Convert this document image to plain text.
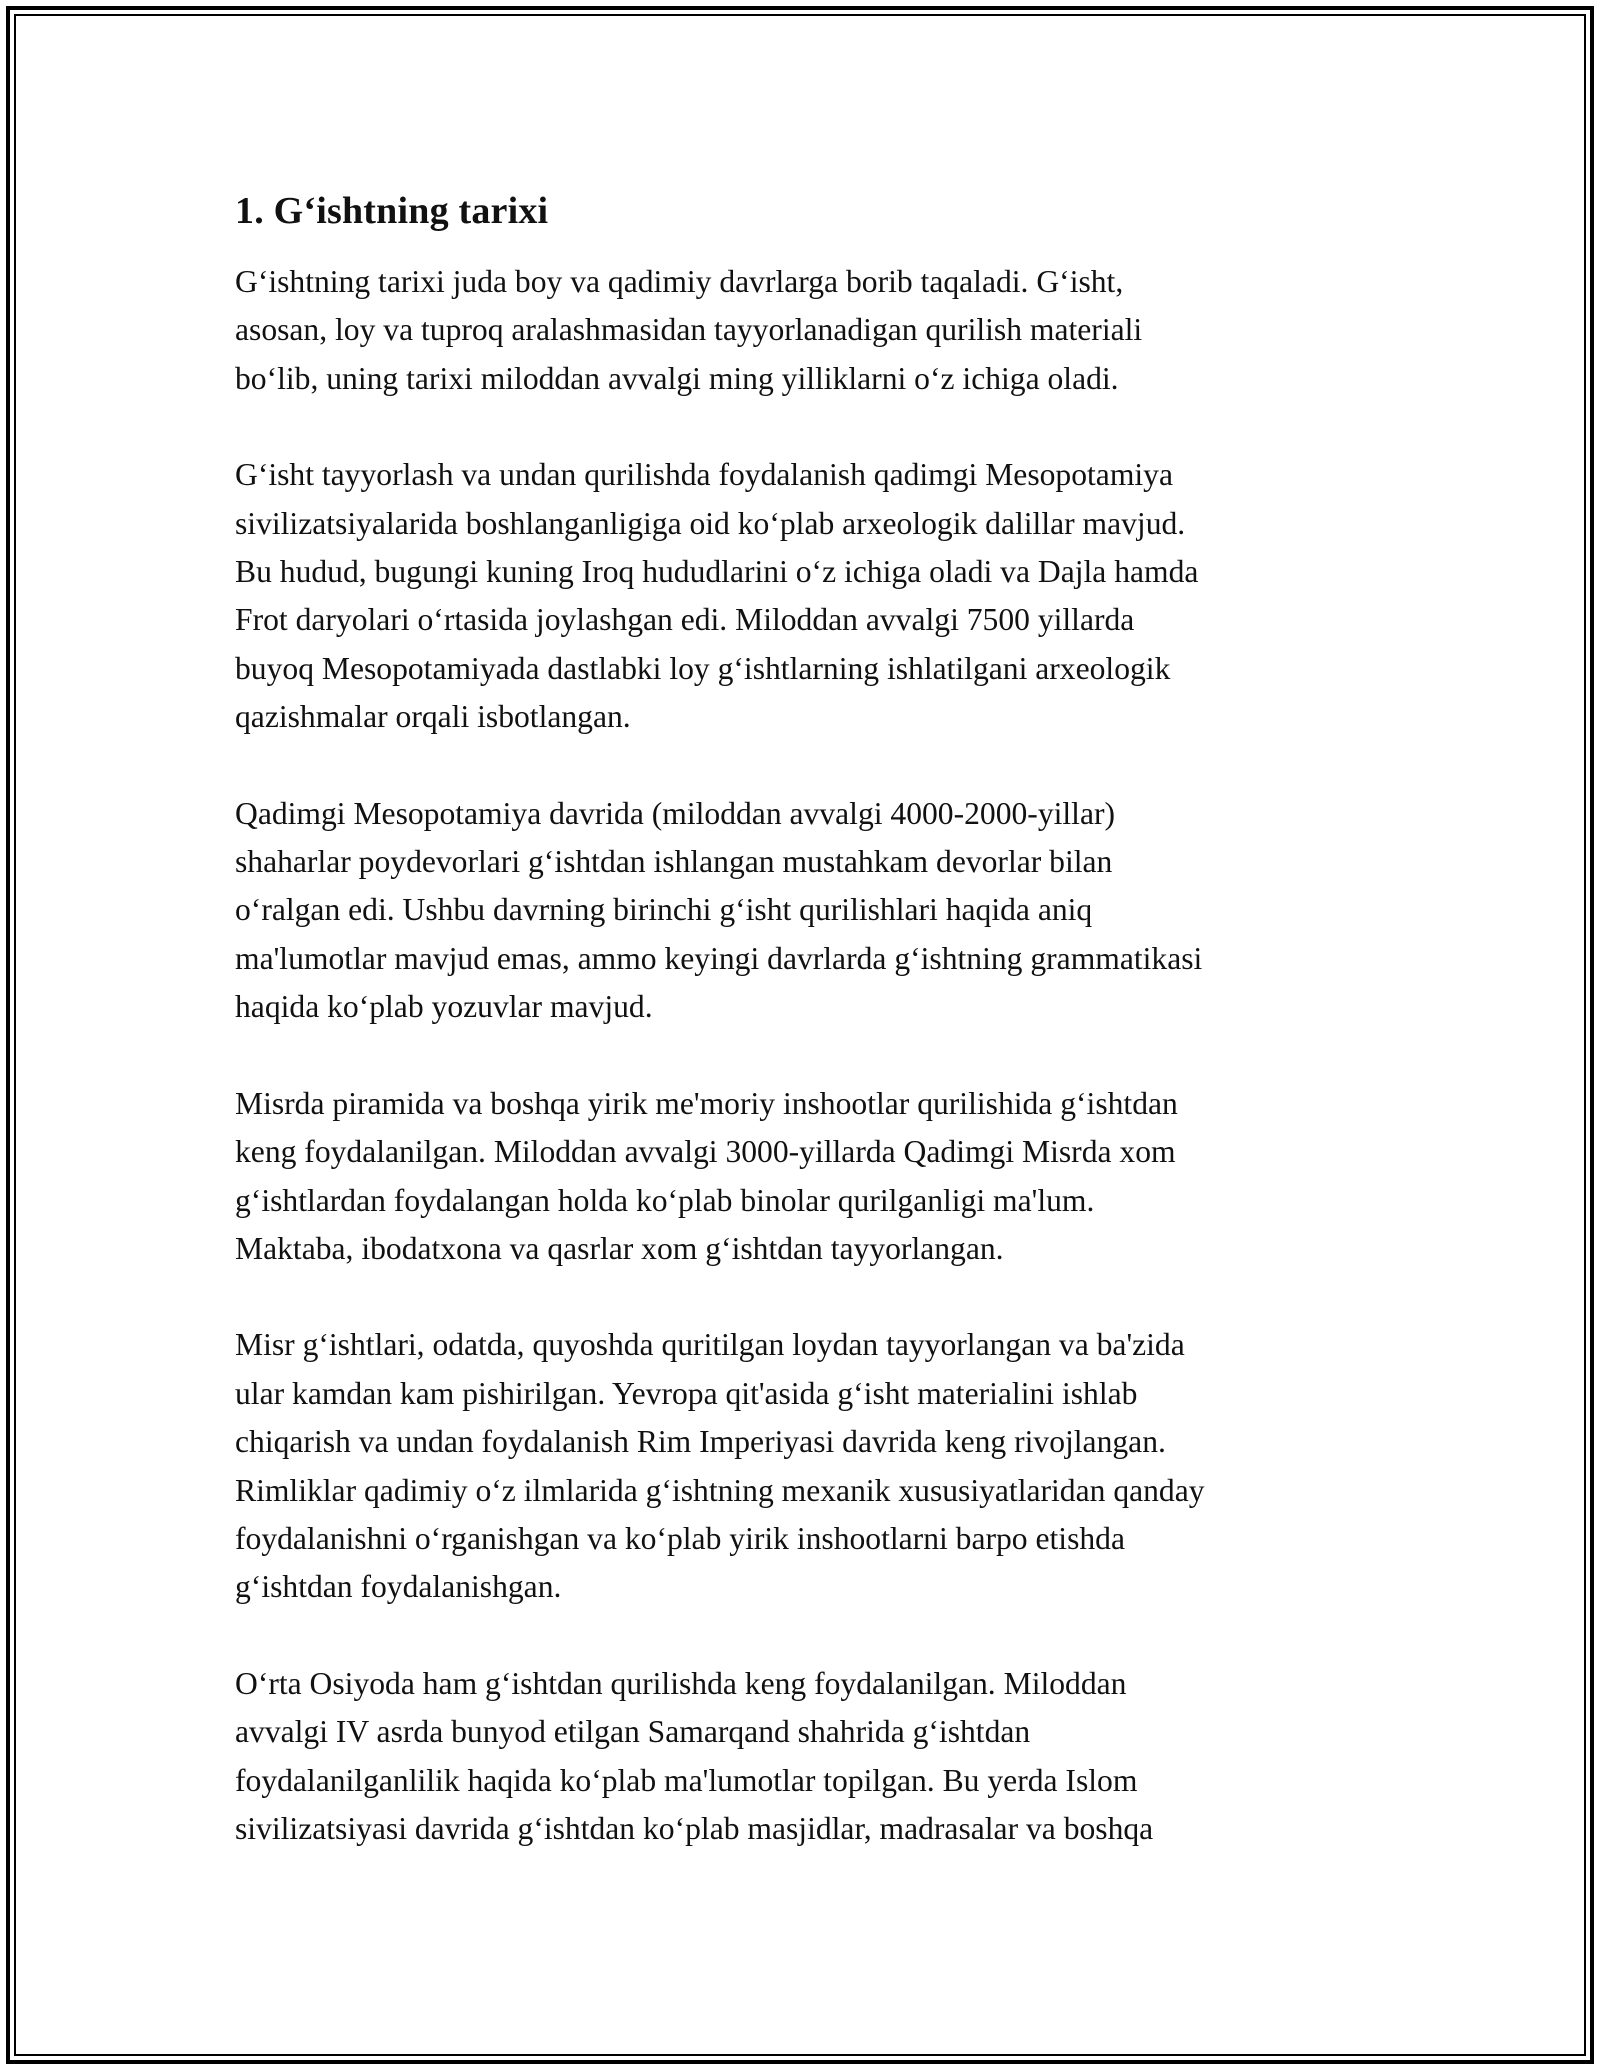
1. G‘ishtning tarixi

G‘ishtning tarixi juda boy va qadimiy davrlarga borib taqaladi. G‘isht,
asosan, loy va tuproq aralashmasidan tayyorlanadigan qurilish materiali
bo‘lib, uning tarixi miloddan avvalgi ming yilliklarni o‘z ichiga oladi.

G‘isht tayyorlash va undan qurilishda foydalanish qadimgi Mesopotamiya
sivilizatsiyalarida boshlanganligiga oid ko‘plab arxeologik dalillar mavjud.
Bu hudud, bugungi kuning Iroq hududlarini o‘z ichiga oladi va Dajla hamda
Frot daryolari o‘rtasida joylashgan edi. Miloddan avvalgi 7500 yillarda
buyoq Mesopotamiyada dastlabki loy g‘ishtlarning ishlatilgani arxeologik
qazishmalar orqali isbotlangan.

Qadimgi Mesopotamiya davrida (miloddan avvalgi 4000-2000-yillar)
shaharlar poydevorlari g‘ishtdan ishlangan mustahkam devorlar bilan
o‘ralgan edi. Ushbu davrning birinchi g‘isht qurilishlari haqida aniq
ma'lumotlar mavjud emas, ammo keyingi davrlarda g‘ishtning grammatikasi
haqida ko‘plab yozuvlar mavjud.

Misrda piramida va boshqa yirik me'moriy inshootlar qurilishida g‘ishtdan
keng foydalanilgan. Miloddan avvalgi 3000-yillarda Qadimgi Misrda xom
g‘ishtlardan foydalangan holda ko‘plab binolar qurilganligi ma'lum.
Maktaba, ibodatxona va qasrlar xom g‘ishtdan tayyorlangan.

Misr g‘ishtlari, odatda, quyoshda quritilgan loydan tayyorlangan va ba'zida
ular kamdan kam pishirilgan. Yevropa qit'asida g‘isht materialini ishlab
chiqarish va undan foydalanish Rim Imperiyasi davrida keng rivojlangan.
Rimliklar qadimiy o‘z ilmlarida g‘ishtning mexanik xususiyatlaridan qanday
foydalanishni o‘rganishgan va ko‘plab yirik inshootlarni barpo etishda
g‘ishtdan foydalanishgan.

O‘rta Osiyoda ham g‘ishtdan qurilishda keng foydalanilgan. Miloddan
avvalgi IV asrda bunyod etilgan Samarqand shahrida g‘ishtdan
foydalanilganlilik haqida ko‘plab ma'lumotlar topilgan. Bu yerda Islom
sivilizatsiyasi davrida g‘ishtdan ko‘plab masjidlar, madrasalar va boshqa
